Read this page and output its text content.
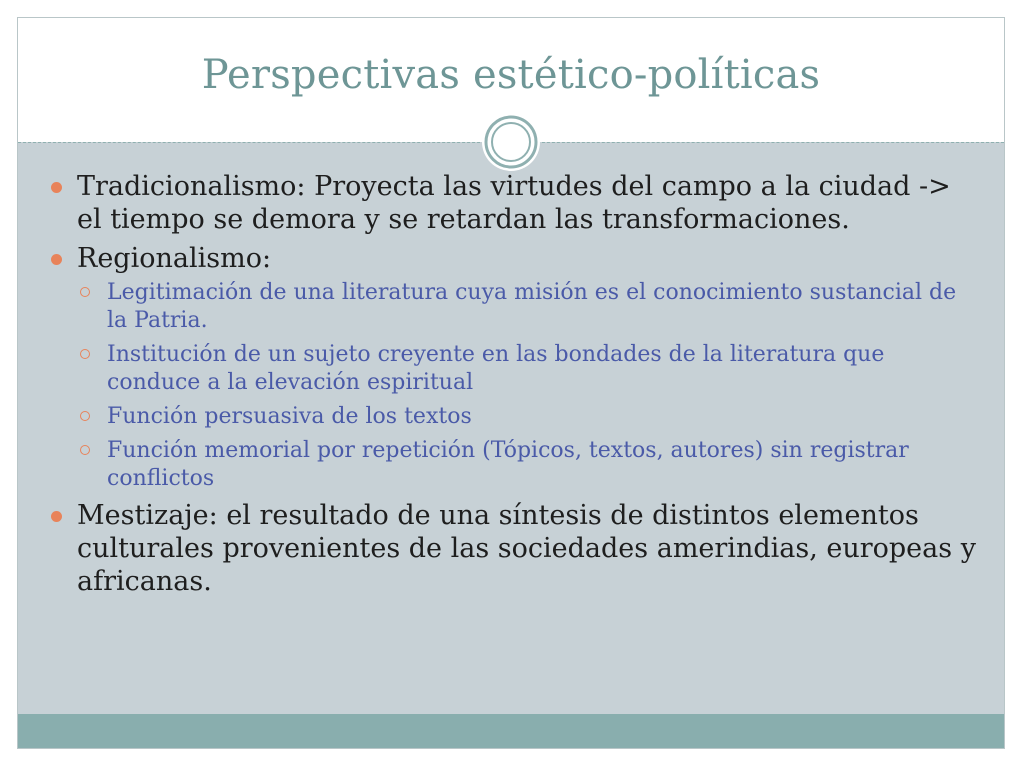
Perspectivas estético-políticas
Tradicionalismo: Proyecta las virtudes del campo a la ciudad -> el tiempo se demora y se retardan las transformaciones.
Regionalismo:
Legitimación de una literatura cuya misión es el conocimiento sustancial de la Patria.
Institución de un sujeto creyente en las bondades de la literatura que conduce a la elevación espiritual
Función persuasiva de los textos
Función memorial por repetición (Tópicos, textos, autores) sin registrar conflictos
Mestizaje: el resultado de una síntesis de distintos elementos culturales provenientes de las sociedades amerindias, europeas y africanas.
